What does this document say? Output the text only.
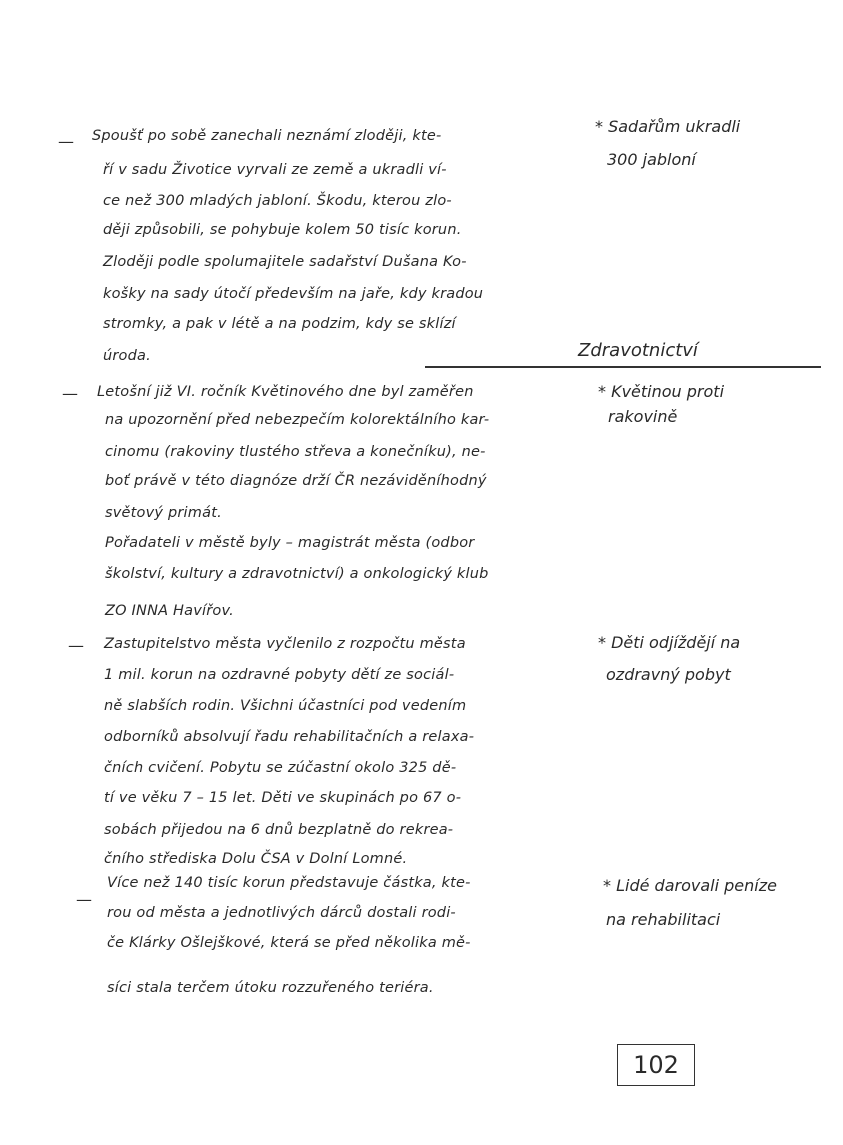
Zdravotnictví
102
— Spoušť po sobě zanechali neznámí zloději, kte-
ří v sadu Životice vyrvali ze země a ukradli ví-
ce než 300 mladých jabloní. Škodu, kterou zlo-
ději způsobili, se pohybuje kolem 50 tisíc korun.
Zloději podle spolumajitele sadařství Dušana Ko-
košky na sady útočí především na jaře, kdy kradou
stromky, a pak v létě a na podzim, kdy se sklízí
úroda.
* Sadařům ukradli
300 jabloní
— Letošní již VI. ročník Květinového dne byl zaměřen
na upozornění před nebezpečím kolorektálního kar-
cinomu (rakoviny tlustého střeva a konečníku), ne-
boť právě v této diagnóze drží ČR nezáviděníhodný
světový primát.
Pořadateli v městě byly – magistrát města (odbor
školství, kultury a zdravotnictví) a onkologický klub
ZO INNA Havířov.
* Květinou proti
rakovině
— Zastupitelstvo města vyčlenilo z rozpočtu města
1 mil. korun na ozdravné pobyty dětí ze sociál-
ně slabších rodin. Všichni účastníci pod vedením
odborníků absolvují řadu rehabilitačních a relaxa-
čních cvičení. Pobytu se zúčastní okolo 325 dě-
tí ve věku 7 – 15 let. Děti ve skupinách po 67 o-
sobách přijedou na 6 dnů bezplatně do rekrea-
čního střediska Dolu ČSA v Dolní Lomné.
* Děti odjíždějí na
ozdravný pobyt
—
Více než 140 tisíc korun představuje částka, kte-
rou od města a jednotlivých dárců dostali rodi-
če Klárky Ošlejškové, která se před několika mě-
síci stala terčem útoku rozzuřeného teriéra.
* Lidé darovali peníze
na rehabilitaci
